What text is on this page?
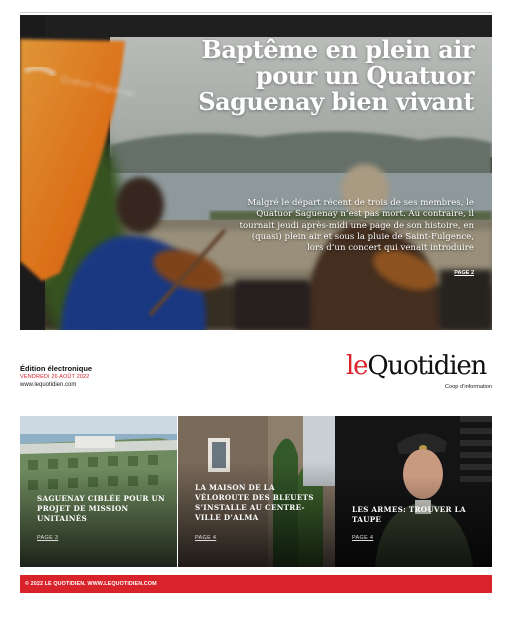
Quatuor Saguenay
Baptême en plein air pour un Quatuor Saguenay bien vivant
Malgré le départ récent de trois de ses membres, le Quatuor Saguenay n’est pas mort. Au contraire, il tournait jeudi après-midi une page de son histoire, en (quasi) plein air et sous la pluie de Saint-Fulgence, lors d’un concert qui venait introduire
PAGE 2
Édition électronique
VENDREDI 26 AOÛT 2022
www.lequotidien.com
leQuotidien
Coop d’information
SAGUENAY CIBLÉE POUR UN PROJET DE MISSION UNITAINÉS
PAGE 3
LA MAISON DE LA VÉLOROUTE DES BLEUETS S’INSTALLE AU CENTRE-VILLE D’ALMA
PAGE 4
LES ARMES: TROUVER LA TAUPE
PAGE 4
© 2022 LE QUOTIDIEN. WWW.LEQUOTIDIEN.COM
